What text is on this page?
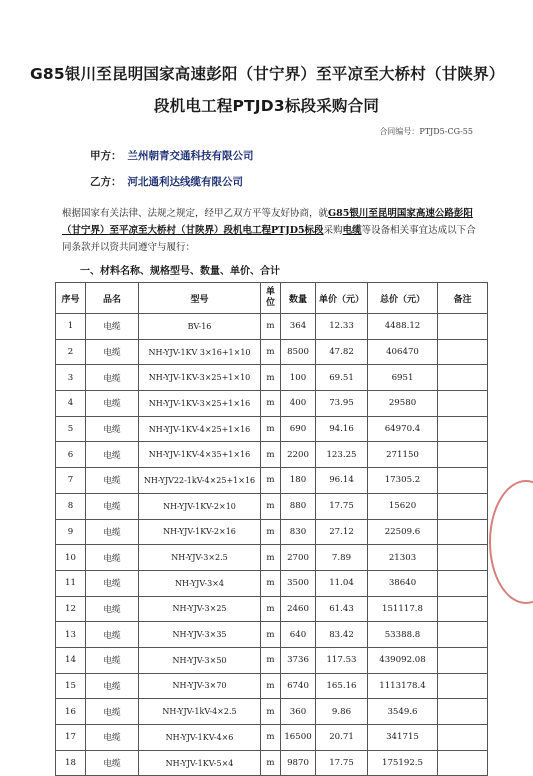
G85银川至昆明国家高速彭阳（甘宁界）至平凉至大桥村（甘陕界）
段机电工程PTJD3标段采购合同
合同编号：PTJD5-CG-55
甲方： 兰州朝青交通科技有限公司
乙方： 河北通利达线缆有限公司
根据国家有关法律、法规之规定，经甲乙双方平等友好协商，就G85银川至昆明国家高速公路彭阳（甘宁界）至平凉至大桥村（甘陕界）段机电工程PTJD5标段采购电缆等设备相关事宜达成以下合同条款并以资共同遵守与履行：
一、材料名称、规格型号、数量、单价、合计
序号	品名	型号	单位	数量	单价（元）	总价（元）	备注
1	电缆	BV-16	m	364	12.33	4488.12	
2	电缆	NH-YJV-1KV 3×16+1×10	m	8500	47.82	406470	
3	电缆	NH-YJV-1KV-3×25+1×10	m	100	69.51	6951	
4	电缆	NH-YJV-1KV-3×25+1×16	m	400	73.95	29580	
5	电缆	NH-YJV-1KV-4×25+1×16	m	690	94.16	64970.4	
6	电缆	NH-YJV-1KV-4×35+1×16	m	2200	123.25	271150	
7	电缆	NH-YJV22-1kV-4×25+1×16	m	180	96.14	17305.2	
8	电缆	NH-YJV-1KV-2×10	m	880	17.75	15620	
9	电缆	NH-YJV-1KV-2×16	m	830	27.12	22509.6	
10	电缆	NH-YJV-3×2.5	m	2700	7.89	21303	
11	电缆	NH-YJV-3×4	m	3500	11.04	38640	
12	电缆	NH-YJV-3×25	m	2460	61.43	151117.8	
13	电缆	NH-YJV-3×35	m	640	83.42	53388.8	
14	电缆	NH-YJV-3×50	m	3736	117.53	439092.08	
15	电缆	NH-YJV-3×70	m	6740	165.16	1113178.4	
16	电缆	NH-YJV-1kV-4×2.5	m	360	9.86	3549.6	
17	电缆	NH-YJV-1KV-4×6	m	16500	20.71	341715	
18	电缆	NH-YJV-1KV-5×4	m	9870	17.75	175192.5	
